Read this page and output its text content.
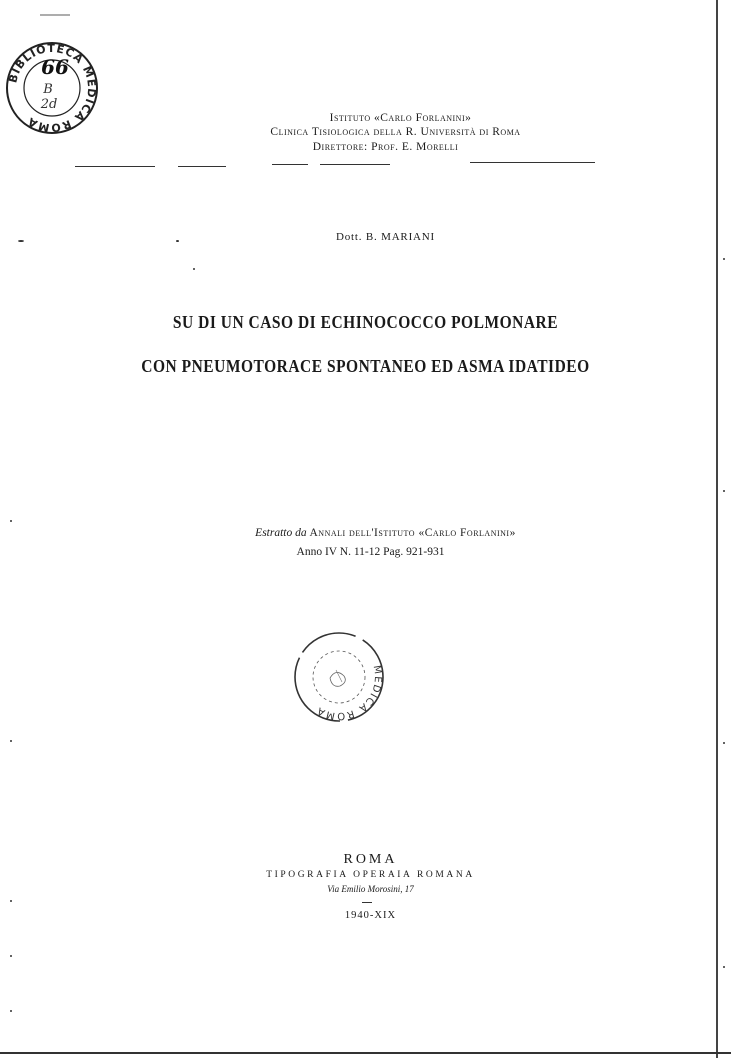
BIBLIOTECA MEDICA ROMA
66
B
2d
Istituto «Carlo Forlanini»
Clinica Tisiologica della R. Università di Roma
Direttore: Prof. E. Morelli
Dott. B. MARIANI
SU DI UN CASO DI ECHINOCOCCO POLMONARE
CON PNEUMOTORACE SPONTANEO ED ASMA IDATIDEO
Estratto da Annali dell'Istituto «Carlo Forlanini»
Anno IV N. 11-12 Pag. 921-931
MEDICA ROMA
ROMA
TIPOGRAFIA OPERAIA ROMANA
Via Emilio Morosini, 17
1940-XIX
